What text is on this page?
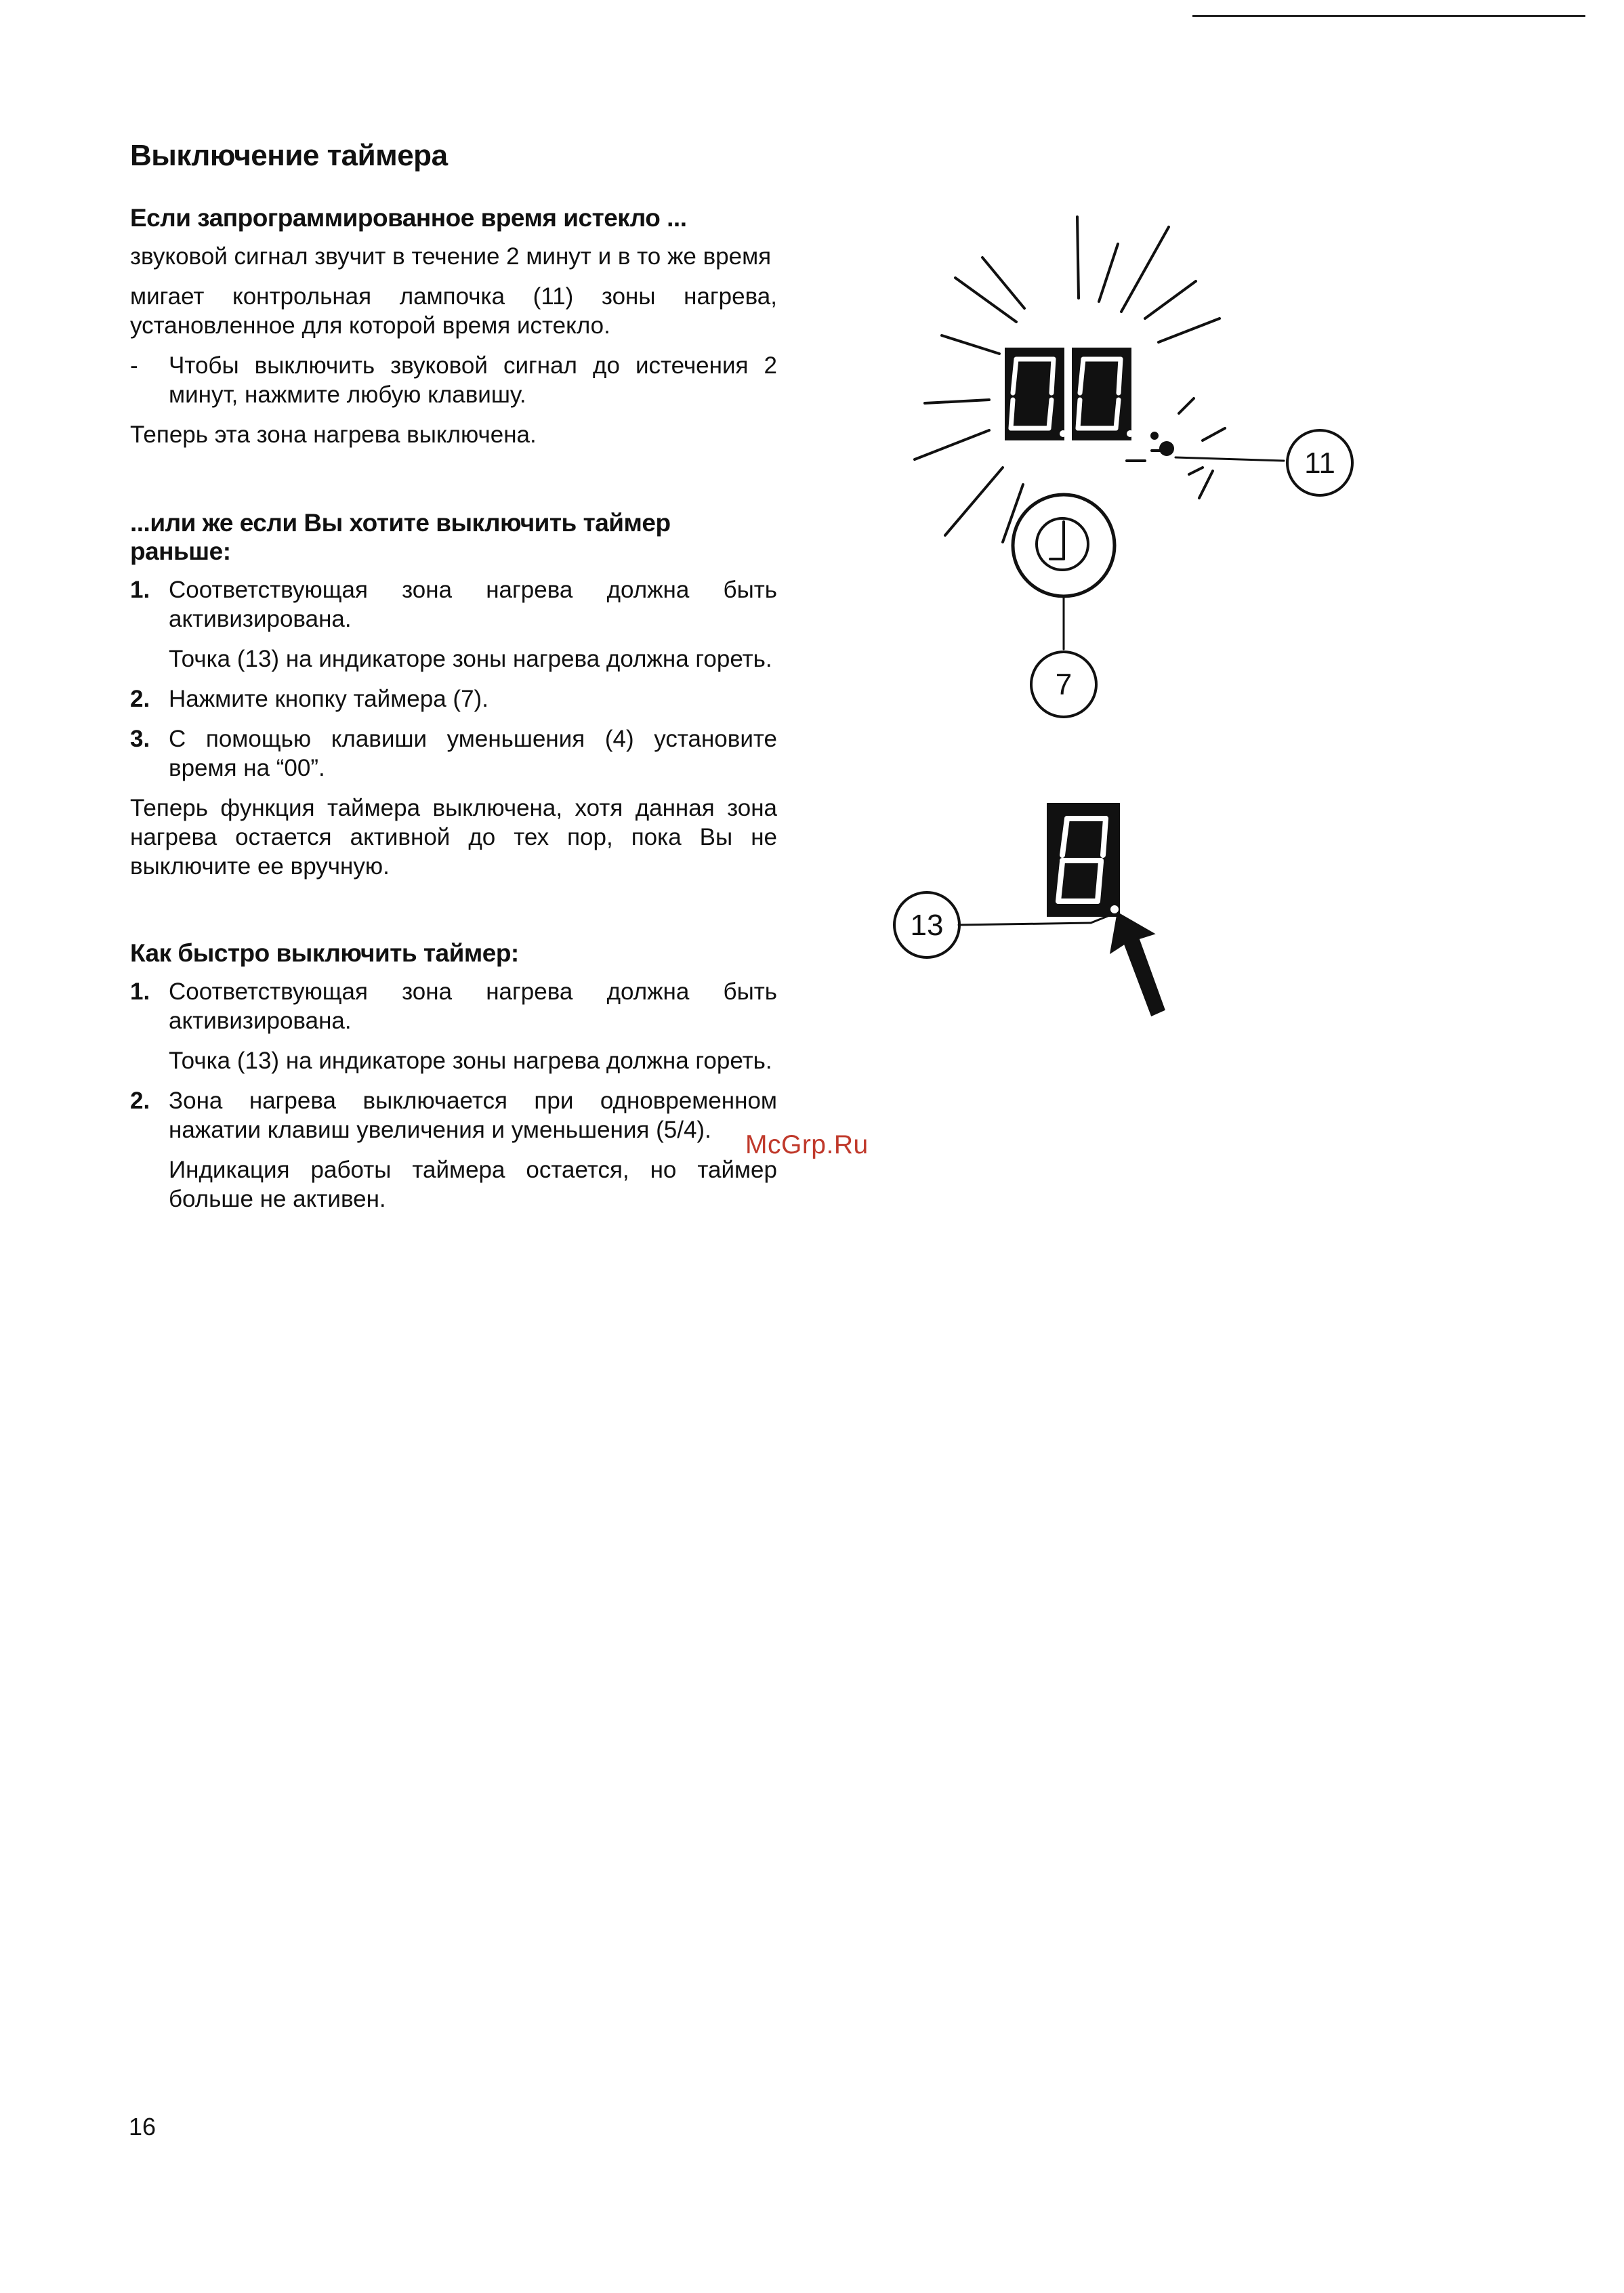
Выключение таймера
Если запрограммированное время истекло ...
звуковой сигнал звучит в течение 2 минут и в то же время
мигает контрольная лампочка (11) зоны нагрева, установленное для которой время истекло.
- Чтобы выключить звуковой сигнал до истечения 2 минут, нажмите любую клавишу.
Теперь эта зона нагрева выключена.
...или же если Вы хотите выключить таймер раньше:
1. Соответствующая зона нагрева должна быть активизирована.
Точка (13) на индикаторе зоны нагрева должна гореть.
2. Нажмите кнопку таймера (7).
3. С помощью клавиши уменьшения (4) установите время на “00”.
Теперь функция таймера выключена, хотя данная зона нагрева остается активной до тех пор, пока Вы не выключите ее вручную.
Как быстро выключить таймер:
1. Соответствующая зона нагрева должна быть активизирована.
Точка (13) на индикаторе зоны нагрева должна гореть.
2. Зона нагрева выключается при одновременном нажатии клавиш увеличения и уменьшения (5/4).
Индикация работы таймера остается, но таймер больше не активен.
11
7
13
McGrp.Ru
16
